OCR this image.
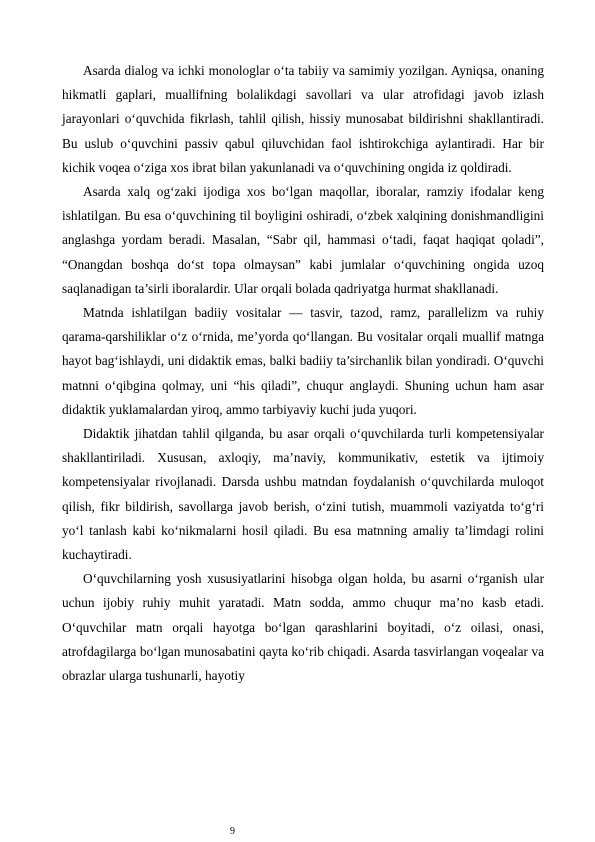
Asarda dialog va ichki monologlar o‘ta tabiiy va samimiy yozilgan. Ayniqsa, onaning hikmatli gaplari, muallifning bolalikdagi savollari va ular atrofidagi javob izlash jarayonlari o‘quvchida fikrlash, tahlil qilish, hissiy munosabat bildirishni shakllantiradi. Bu uslub o‘quvchini passiv qabul qiluvchidan faol ishtirokchiga aylantiradi. Har bir kichik voqea o‘ziga xos ibrat bilan yakunlanadi va o‘quvchining ongida iz qoldiradi.

Asarda xalq og‘zaki ijodiga xos bo‘lgan maqollar, iboralar, ramziy ifodalar keng ishlatilgan. Bu esa o‘quvchining til boyligini oshiradi, o‘zbek xalqining donishmandligini anglashga yordam beradi. Masalan, “Sabr qil, hammasi o‘tadi, faqat haqiqat qoladi”, “Onangdan boshqa do‘st topa olmaysan” kabi jumlalar o‘quvchining ongida uzoq saqlanadigan ta’sirli iboralardir. Ular orqali bolada qadriyatga hurmat shakllanadi.

Matnda ishlatilgan badiiy vositalar — tasvir, tazod, ramz, parallelizm va ruhiy qarama-qarshiliklar o‘z o‘rnida, me’yorda qo‘llangan. Bu vositalar orqali muallif matnga hayot bag‘ishlaydi, uni didaktik emas, balki badiiy ta’sirchanlik bilan yondiradi. O‘quvchi matnni o‘qibgina qolmay, uni “his qiladi”, chuqur anglaydi. Shuning uchun ham asar didaktik yuklamalardan yiroq, ammo tarbiyaviy kuchi juda yuqori.

Didaktik jihatdan tahlil qilganda, bu asar orqali o‘quvchilarda turli kompetensiyalar shakllantiriladi. Xususan, axloqiy, ma’naviy, kommunikativ, estetik va ijtimoiy kompetensiyalar rivojlanadi. Darsda ushbu matndan foydalanish o‘quvchilarda muloqot qilish, fikr bildirish, savollarga javob berish, o‘zini tutish, muammoli vaziyatda to‘g‘ri yo‘l tanlash kabi ko‘nikmalarni hosil qiladi. Bu esa matnning amaliy ta’limdagi rolini kuchaytiradi.

O‘quvchilarning yosh xususiyatlarini hisobga olgan holda, bu asarni o‘rganish ular uchun ijobiy ruhiy muhit yaratadi. Matn sodda, ammo chuqur ma’no kasb etadi. O‘quvchilar matn orqali hayotga bo‘lgan qarashlarini boyitadi, o‘z oilasi, onasi, atrofdagilarga bo‘lgan munosabatini qayta ko‘rib chiqadi. Asarda tasvirlangan voqealar va obrazlar ularga tushunarli, hayotiy

9
